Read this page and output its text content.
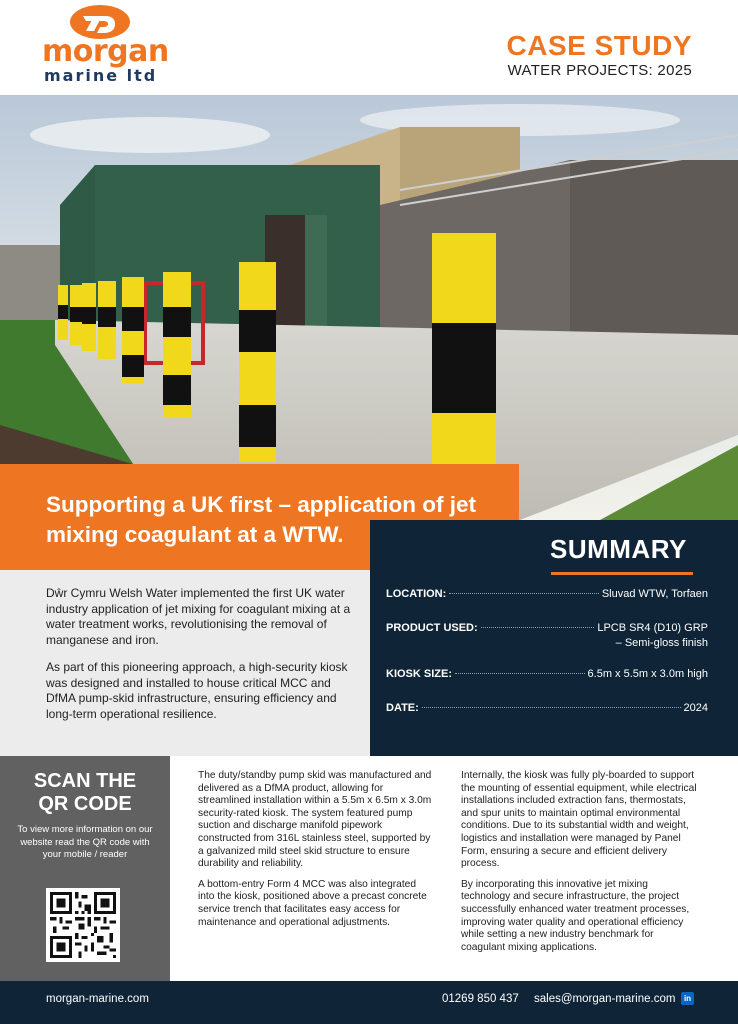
morgan
marine ltd
CASE STUDY
WATER PROJECTS: 2025
Supporting a UK first – application of jet mixing coagulant at a WTW.	SUMMARY
LOCATION:	Sluvad WTW, Torfaen
PRODUCT USED:	LPCB SR4 (D10) GRP
– Semi-gloss finish
KIOSK SIZE:	6.5m x 5.5m x 3.0m high
DATE:	2024

Dŵr Cymru Welsh Water implemented the first UK water industry application of jet mixing for coagulant mixing at a water treatment works, revolutionising the removal of manganese and iron.

As part of this pioneering approach, a high-security kiosk was designed and installed to house critical MCC and DfMA pump-skid infrastructure, ensuring efficiency and long-term operational resilience.

SCAN THE
QR CODE
To view more information on our website read the QR code with your mobile / reader

The duty/standby pump skid was manufactured and delivered as a DfMA product, allowing for streamlined installation within a 5.5m x 6.5m x 3.0m security-rated kiosk. The system featured pump suction and discharge manifold pipework constructed from 316L stainless steel, supported by a galvanized mild steel skid structure to ensure durability and reliability.

A bottom-entry Form 4 MCC was also integrated into the kiosk, positioned above a precast concrete service trench that facilitates easy access for maintenance and operational adjustments.

Internally, the kiosk was fully ply-boarded to support the mounting of essential equipment, while electrical installations included extraction fans, thermostats, and spur units to maintain optimal environmental conditions. Due to its substantial width and weight, logistics and installation were managed by Panel Form, ensuring a secure and efficient delivery process.

By incorporating this innovative jet mixing technology and secure infrastructure, the project successfully enhanced water treatment processes, improving water quality and operational efficiency while setting a new industry benchmark for coagulant mixing applications.

morgan-marine.com	01269 850 437 sales@morgan-marine.com	in
